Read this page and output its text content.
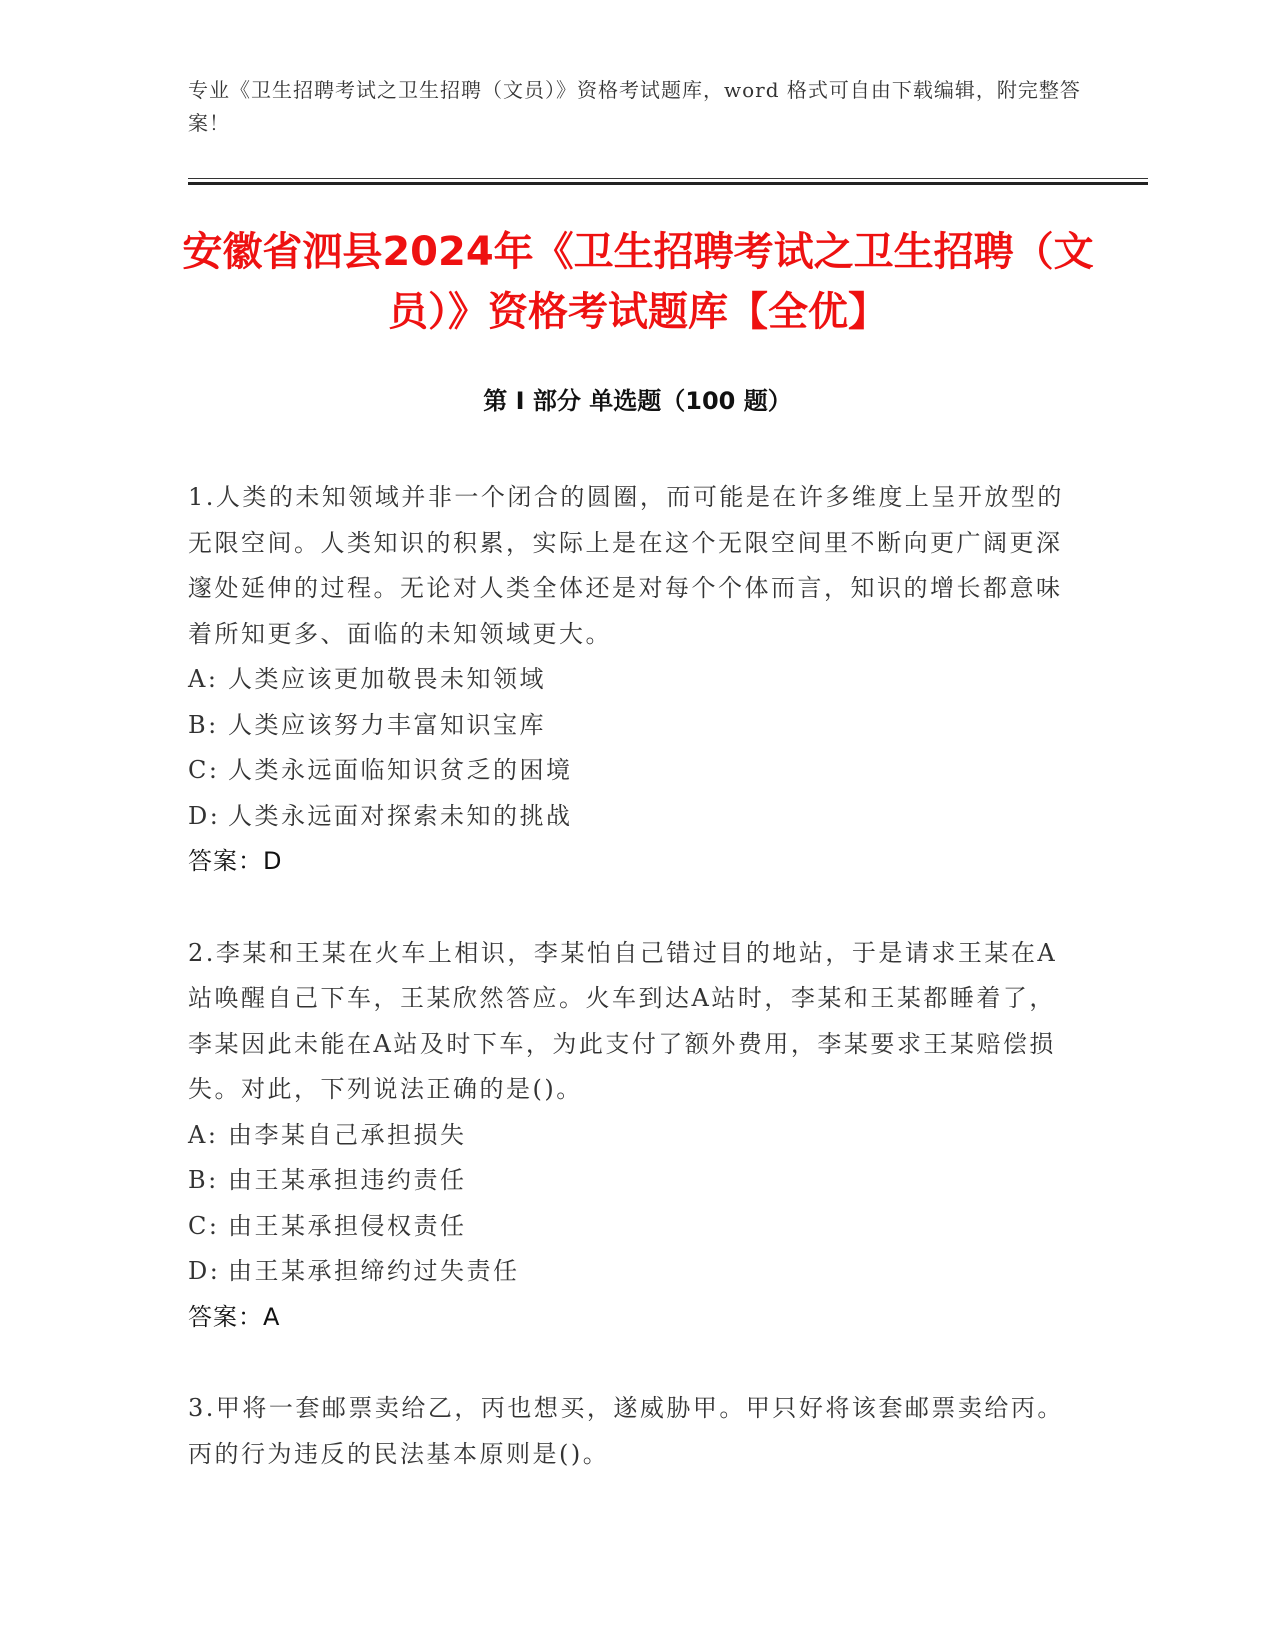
专业《卫生招聘考试之卫生招聘（文员）》资格考试题库，word 格式可自由下载编辑，附完整答案！
安徽省泗县2024年《卫生招聘考试之卫生招聘（文员）》资格考试题库【全优】
第 I 部分 单选题（100 题）
1.人类的未知领域并非一个闭合的圆圈，而可能是在许多维度上呈开放型的无限空间。人类知识的积累，实际上是在这个无限空间里不断向更广阔更深邃处延伸的过程。无论对人类全体还是对每个个体而言，知识的增长都意味着所知更多、面临的未知领域更大。
A: 人类应该更加敬畏未知领域
B: 人类应该努力丰富知识宝库
C: 人类永远面临知识贫乏的困境
D: 人类永远面对探索未知的挑战
答案：D
2.李某和王某在火车上相识，李某怕自己错过目的地站，于是请求王某在A站唤醒自己下车，王某欣然答应。火车到达A站时，李某和王某都睡着了，李某因此未能在A站及时下车，为此支付了额外费用，李某要求王某赔偿损失。对此，下列说法正确的是()。
A: 由李某自己承担损失
B: 由王某承担违约责任
C: 由王某承担侵权责任
D: 由王某承担缔约过失责任
答案：A
3.甲将一套邮票卖给乙，丙也想买，遂威胁甲。甲只好将该套邮票卖给丙。丙的行为违反的民法基本原则是()。
